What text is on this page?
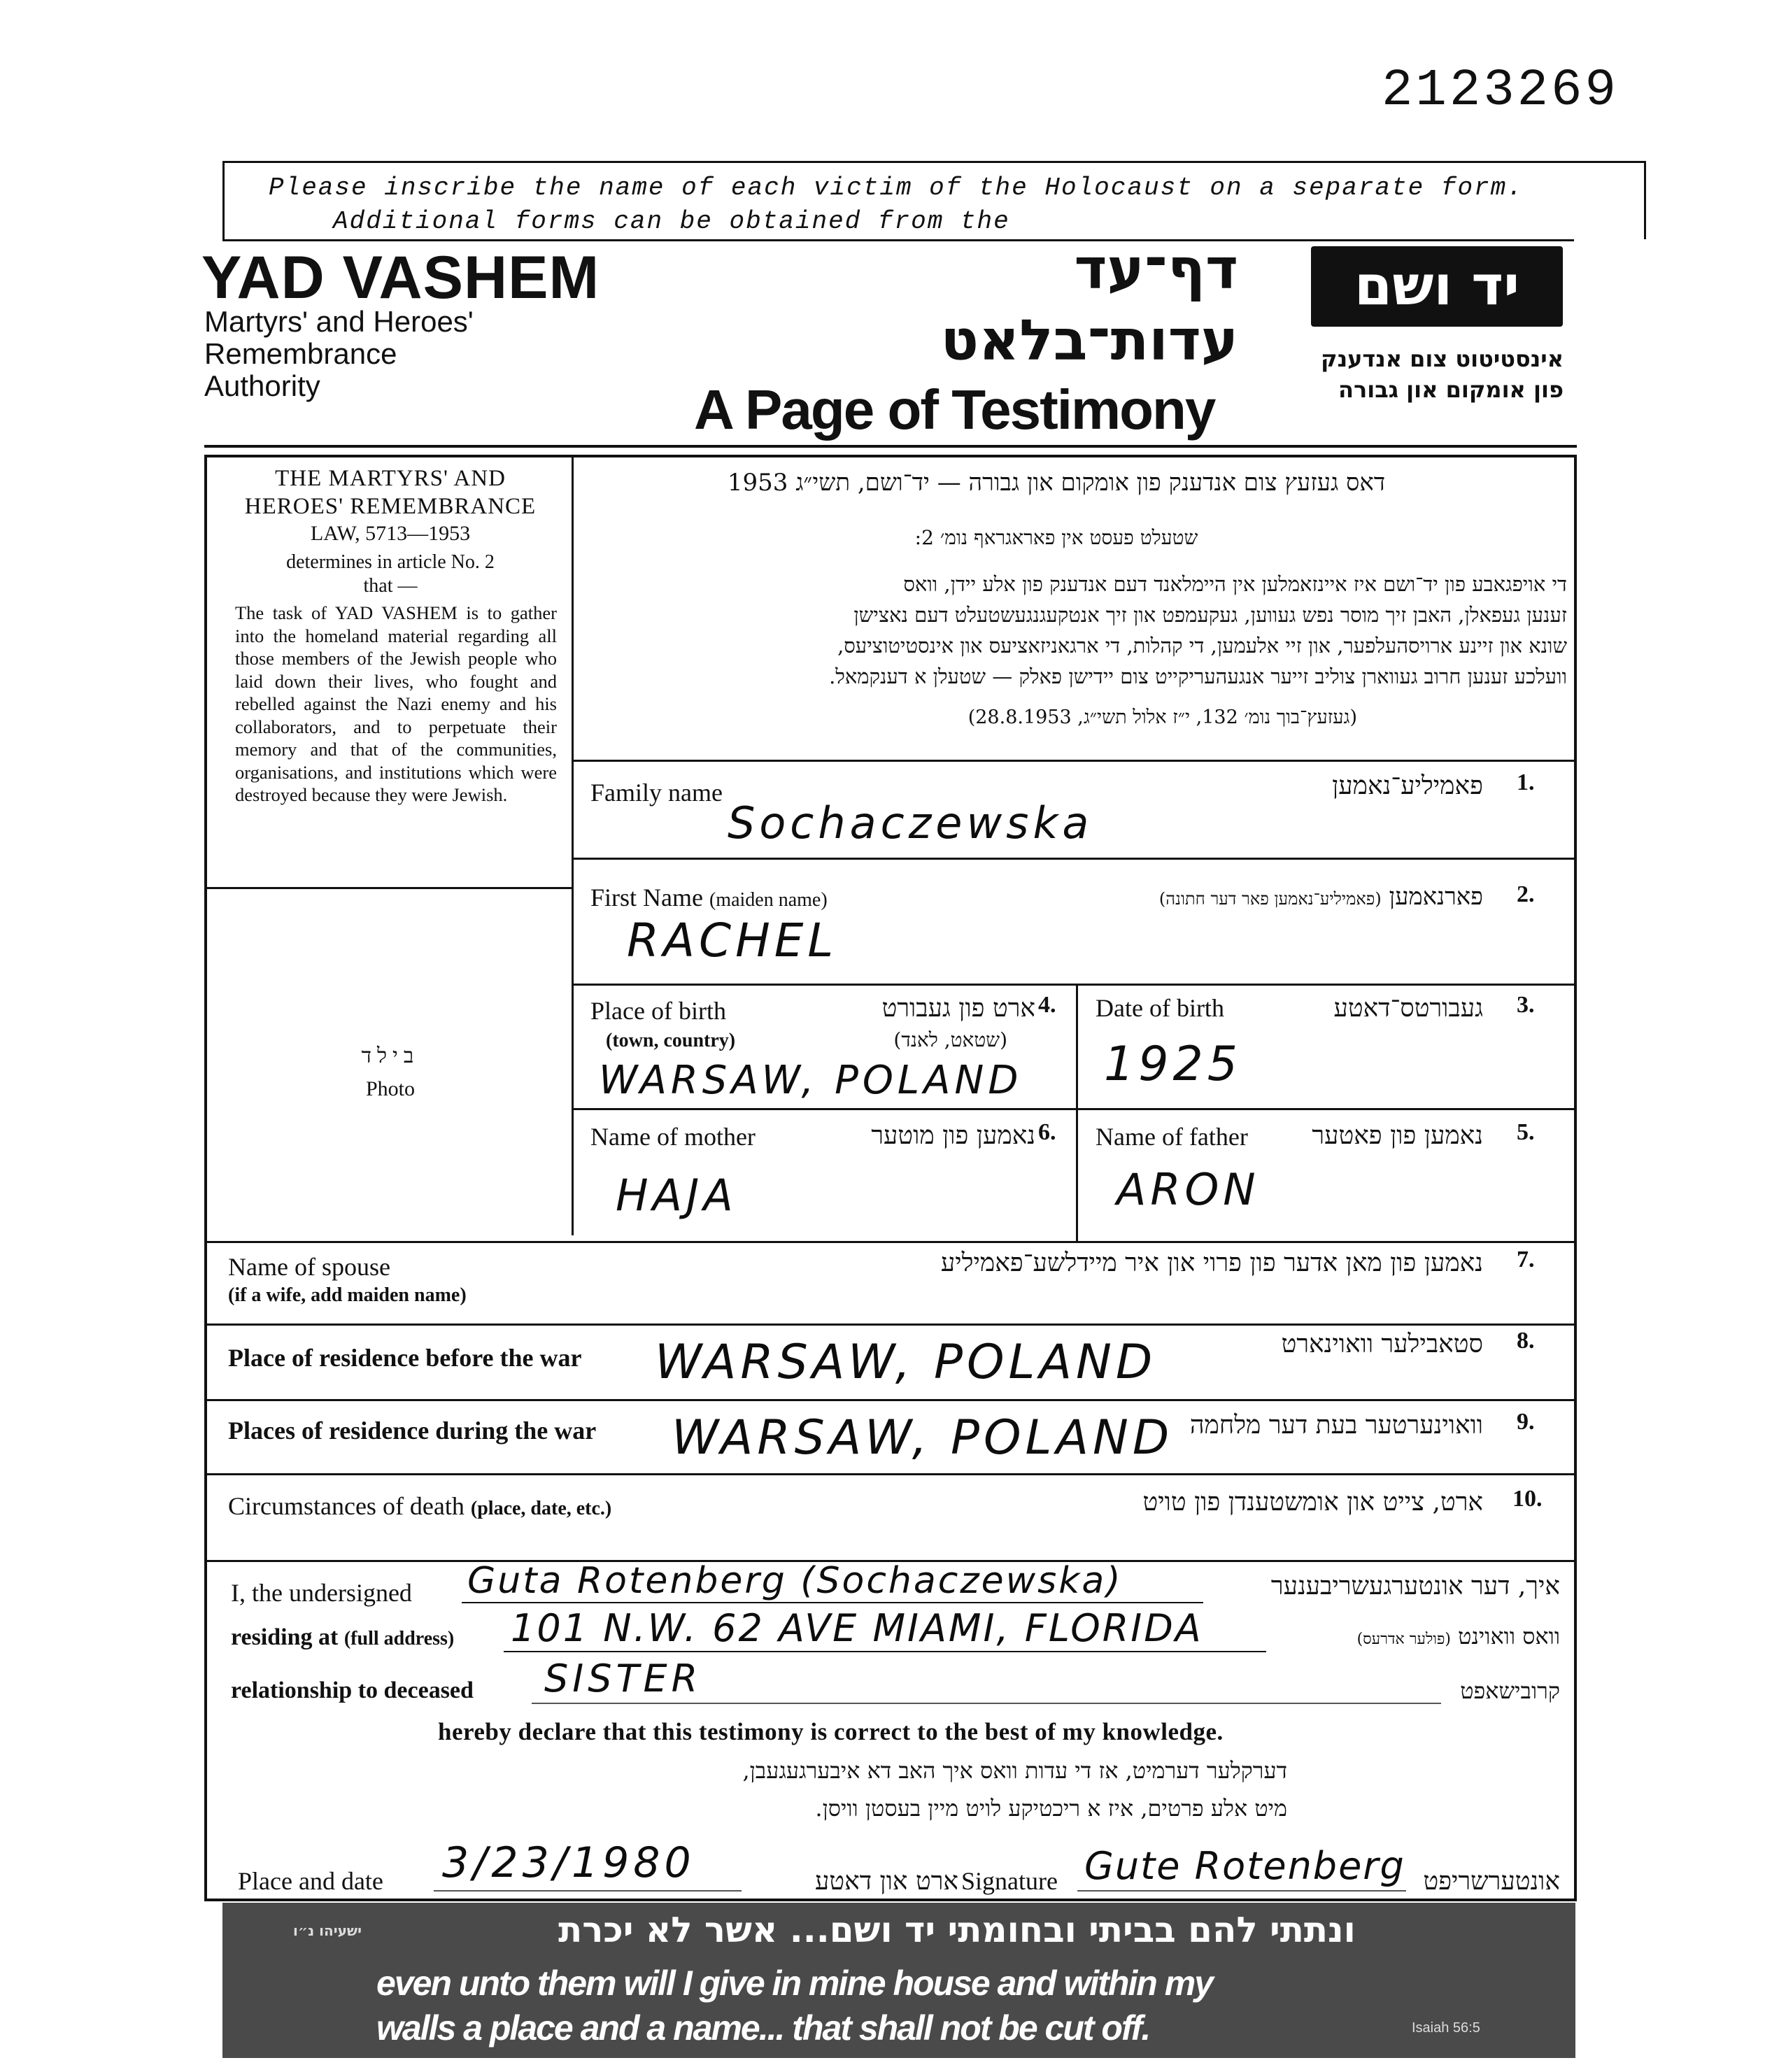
2123269
Please inscribe the name of each victim of the Holocaust on a separate form.
Additional forms can be obtained from the
YAD VASHEM
Martyrs' and Heroes'
Remembrance
Authority
דף־עד
עדות־בלאט
A Page of Testimony
יד ושם
אינסטיטוט צום אנדענק
פון אומקום און גבורה
THE MARTYRS' AND
HEROES' REMEMBRANCE
LAW, 5713—1953
determines in article No. 2
that —
The task of YAD VASHEM is to gather into the homeland material regarding all those members of the Jewish people who laid down their lives, who fought and rebelled against the Nazi enemy and his collaborators, and to perpetuate their memory and that of the communities, organisations, and institutions which were destroyed because they were Jewish.
בילד
Photo
דאס געזעץ צום אנדענק פון אומקום און גבורה — יד־ושם, תשי״ג 1953
שטעלט פעסט אין פאראגראף נומ׳ 2:
די אויפגאבע פון יד־ושם איז איינזאמלען אין היימלאנד דעם אנדענק פון אלע יידן, וואס
זענען געפאלן, האבן זיך מוסר נפש געווען, געקעמפט און זיך אנטקעגנגעשטעלט דעם נאצישן
שונא און זיינע ארויסהעלפער, און זיי אלעמען, די קהלות, די ארגאניזאציעס און אינסטיטוציעס,
וועלכע זענען חרוב געווארן צוליב זייער אנגעהעריקייט צום יידישן פאלק — שטעלן א דענקמאל.
(געזעץ־בוך נומ׳ 132, י״ז אלול תשי״ג, 28.8.1953)
Family name	פאמיליע־נאמען .1
Sochaczewska
First Name (maiden name)	פארנאמען (פאמיליע־נאמען פאר דער חתונה)	.2
RACHEL
Place of birth	ארט פון געבורט .4
(town, country)	(שטאט, לאנד)
WARSAW, POLAND
Date of birth	געבורטס־דאטע .3
1925
Name of mother	נאמען פון מוטער .6
HAJA
Name of father	נאמען פון פאטער .5
ARON
Name of spouse
(if a wife, add maiden name)
נאמען פון מאן אדער פון פרוי און איר מיידלשע־פאמיליע .7
Place of residence before the war	סטאבילער וואוינארט .8
WARSAW, POLAND
Places of residence during the war	וואוינערטער בעת דער מלחמה .9
WARSAW, POLAND
Circumstances of death (place, date, etc.)	ארט, צייט און אומשטענדן פון טויט .10
I, the undersigned Guta Rotenberg (Sochaczewska)	איך, דער אונטערגעשריבענער
residing at (full address) 101 N.W. 62 AVE MIAMI, FLORIDA	וואס וואוינט (פולער אדרעס)
relationship to deceased SISTER	קרובישאפט
hereby declare that this testimony is correct to the best of my knowledge.
דערקלער דערמיט, אז די עדות וואס איך האב דא איבערגעגעבן,
מיט אלע פרטים, איז א ריכטיקע לויט מיין בעסטן וויסן.
Place and date 3/23/1980	ארט און דאטע Signature Gute Rotenberg אונטערשריפט
ונתתי להם בביתי ובחומתי יד ושם... אשר לא יכרת
ישעיהו נ״ו
even unto them will I give in mine house and within my
walls a place and a name... that shall not be cut off.	Isaiah 56:5
